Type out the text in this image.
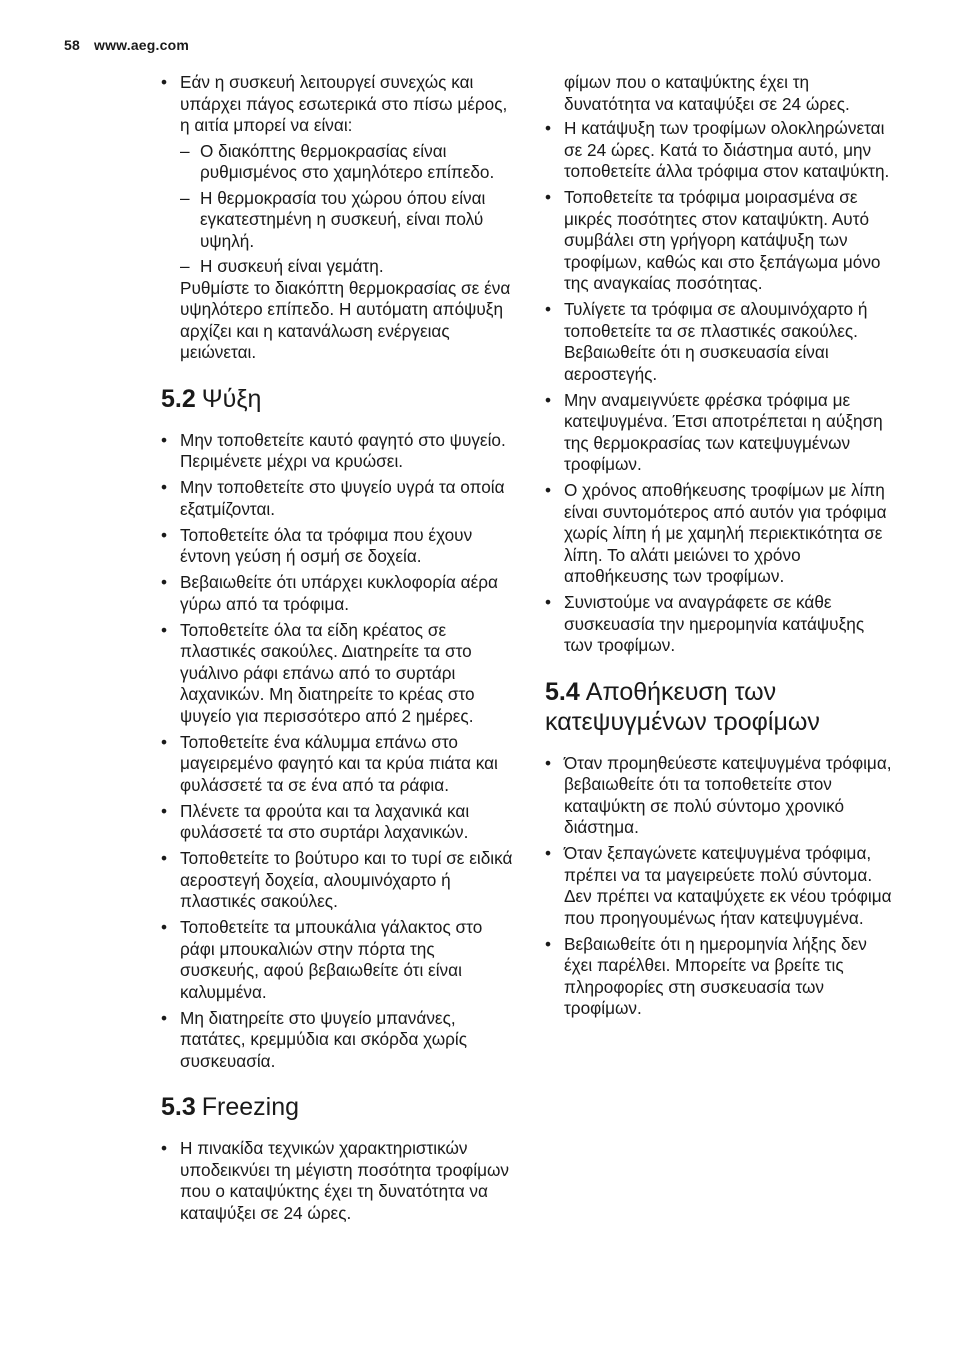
58 www.aeg.com
• Εάν η συσκευή λειτουργεί συνεχώς και υπάρχει πάγος εσωτερικά στο πίσω μέρος, η αιτία μπορεί να είναι:
– Ο διακόπτης θερμοκρασίας είναι ρυθμισμένος στο χαμηλότερο επίπεδο.
– Η θερμοκρασία του χώρου όπου είναι εγκατεστημένη η συσκευή, είναι πολύ υψηλή.
– Η συσκευή είναι γεμάτη.
Ρυθμίστε το διακόπτη θερμοκρασίας σε ένα υψηλότερο επίπεδο. Η αυτόματη απόψυξη αρχίζει και η κατανάλωση ενέργειας μειώνεται.
5.2 Ψύξη
• Μην τοποθετείτε καυτό φαγητό στο ψυγείο. Περιμένετε μέχρι να κρυώσει.
• Μην τοποθετείτε στο ψυγείο υγρά τα οποία εξατμίζονται.
• Τοποθετείτε όλα τα τρόφιμα που έχουν έντονη γεύση ή οσμή σε δοχεία.
• Βεβαιωθείτε ότι υπάρχει κυκλοφορία αέρα γύρω από τα τρόφιμα.
• Τοποθετείτε όλα τα είδη κρέατος σε πλαστικές σακούλες. Διατηρείτε τα στο γυάλινο ράφι επάνω από το συρτάρι λαχανικών. Μη διατηρείτε το κρέας στο ψυγείο για περισσότερο από 2 ημέρες.
• Τοποθετείτε ένα κάλυμμα επάνω στο μαγειρεμένο φαγητό και τα κρύα πιάτα και φυλάσσετέ τα σε ένα από τα ράφια.
• Πλένετε τα φρούτα και τα λαχανικά και φυλάσσετέ τα στο συρτάρι λαχανικών.
• Τοποθετείτε το βούτυρο και το τυρί σε ειδικά αεροστεγή δοχεία, αλουμινόχαρτο ή πλαστικές σακούλες.
• Τοποθετείτε τα μπουκάλια γάλακτος στο ράφι μπουκαλιών στην πόρτα της συσκευής, αφού βεβαιωθείτε ότι είναι καλυμμένα.
• Μη διατηρείτε στο ψυγείο μπανάνες, πατάτες, κρεμμύδια και σκόρδα χωρίς συσκευασία.
5.3 Freezing
• Η πινακίδα τεχνικών χαρακτηριστικών υποδεικνύει τη μέγιστη ποσότητα τροφίμων που ο καταψύκτης έχει τη δυνατότητα να καταψύξει σε 24 ώρες.
φίμων που ο καταψύκτης έχει τη δυνατότητα να καταψύξει σε 24 ώρες.
• Η κατάψυξη των τροφίμων ολοκληρώνεται σε 24 ώρες. Κατά το διάστημα αυτό, μην τοποθετείτε άλλα τρόφιμα στον καταψύκτη.
• Τοποθετείτε τα τρόφιμα μοιρασμένα σε μικρές ποσότητες στον καταψύκτη. Αυτό συμβάλει στη γρήγορη κατάψυξη των τροφίμων, καθώς και στο ξεπάγωμα μόνο της αναγκαίας ποσότητας.
• Τυλίγετε τα τρόφιμα σε αλουμινόχαρτο ή τοποθετείτε τα σε πλαστικές σακούλες. Βεβαιωθείτε ότι η συσκευασία είναι αεροστεγής.
• Μην αναμειγνύετε φρέσκα τρόφιμα με κατεψυγμένα. Έτσι αποτρέπεται η αύξηση της θερμοκρασίας των κατεψυγμένων τροφίμων.
• Ο χρόνος αποθήκευσης τροφίμων με λίπη είναι συντομότερος από αυτόν για τρόφιμα χωρίς λίπη ή με χαμηλή περιεκτικότητα σε λίπη. Το αλάτι μειώνει το χρόνο αποθήκευσης των τροφίμων.
• Συνιστούμε να αναγράφετε σε κάθε συσκευασία την ημερομηνία κατάψυξης των τροφίμων.
5.4 Αποθήκευση των κατεψυγμένων τροφίμων
• Όταν προμηθεύεστε κατεψυγμένα τρόφιμα, βεβαιωθείτε ότι τα τοποθετείτε στον καταψύκτη σε πολύ σύντομο χρονικό διάστημα.
• Όταν ξεπαγώνετε κατεψυγμένα τρόφιμα, πρέπει να τα μαγειρεύετε πολύ σύντομα. Δεν πρέπει να καταψύχετε εκ νέου τρόφιμα που προηγουμένως ήταν κατεψυγμένα.
• Βεβαιωθείτε ότι η ημερομηνία λήξης δεν έχει παρέλθει. Μπορείτε να βρείτε τις πληροφορίες στη συσκευασία των τροφίμων.
